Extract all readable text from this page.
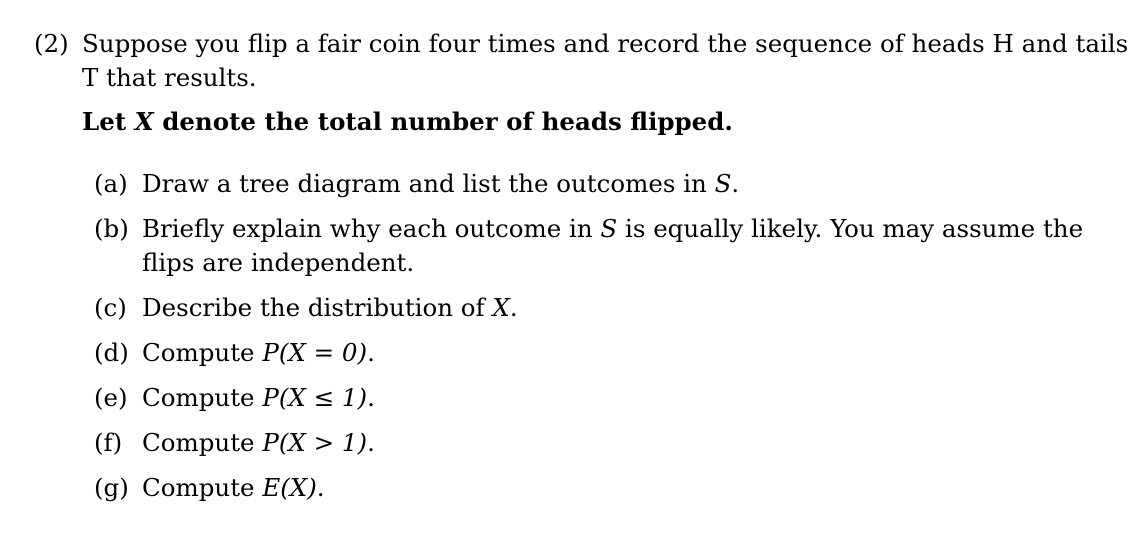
(2) Suppose you flip a fair coin four times and record the sequence of heads H and tails T that results.

Let X denote the total number of heads flipped.

(a) Draw a tree diagram and list the outcomes in S.
(b) Briefly explain why each outcome in S is equally likely. You may assume the flips are independent.
(c) Describe the distribution of X.
(d) Compute P(X = 0).
(e) Compute P(X ≤ 1).
(f) Compute P(X > 1).
(g) Compute E(X).
